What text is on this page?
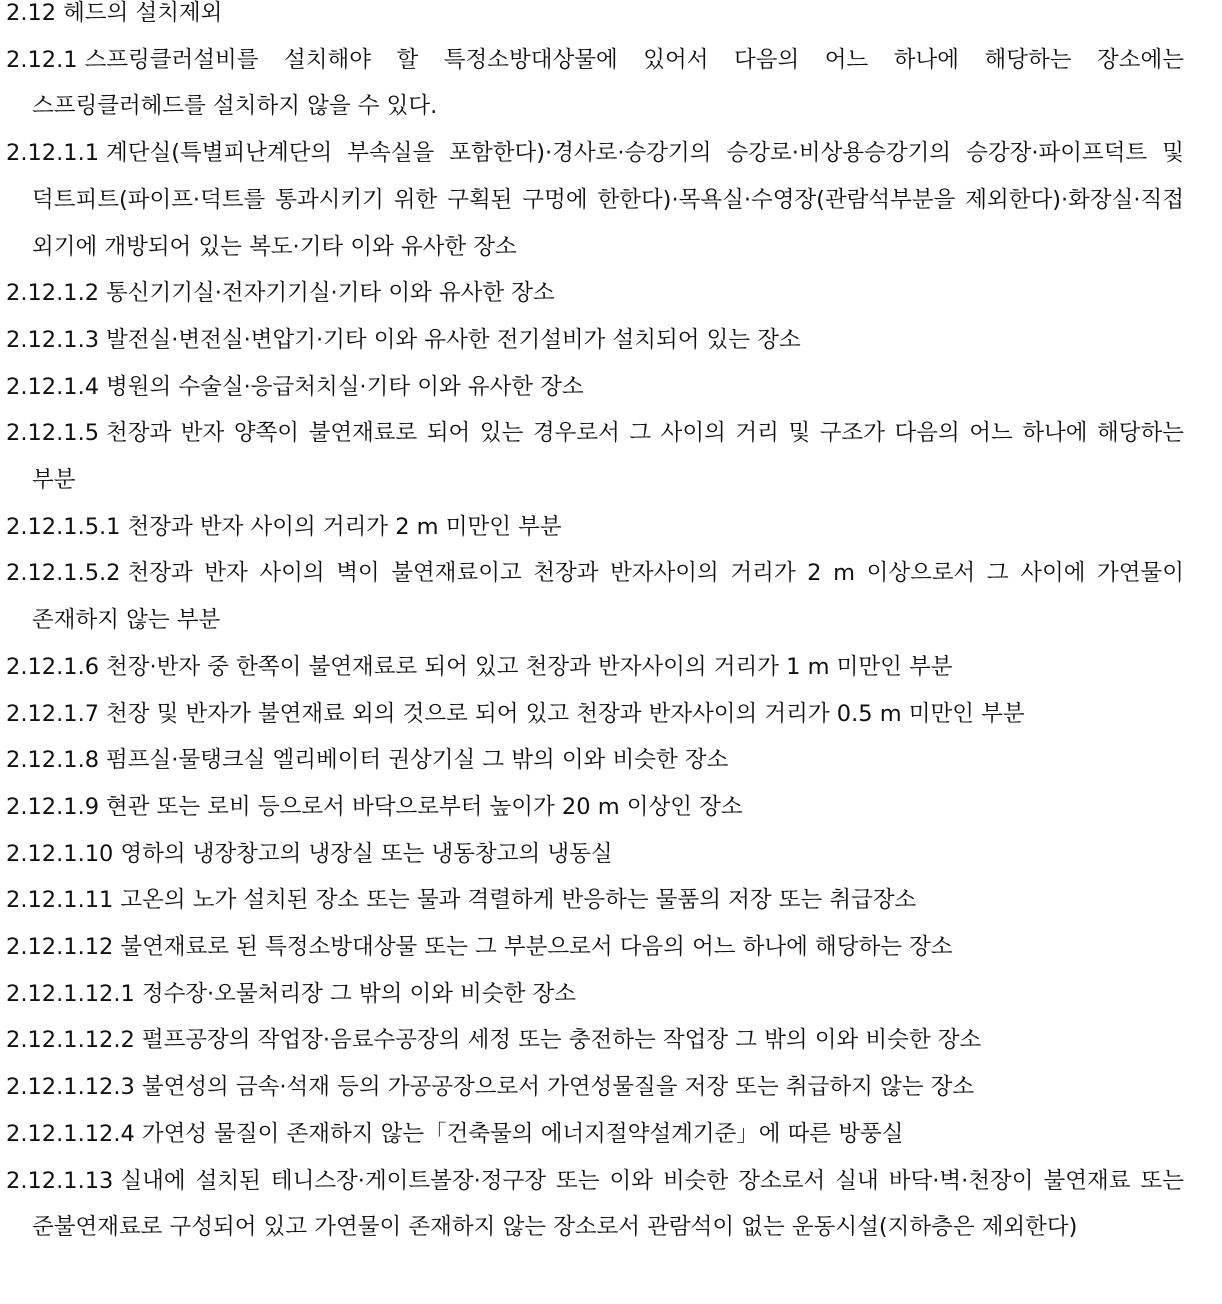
2.12 헤드의 설치제외

2.12.1 스프링클러설비를 설치해야 할 특정소방대상물에 있어서 다음의 어느 하나에 해당하는 장소에는 스프링클러헤드를 설치하지 않을 수 있다.

2.12.1.1 계단실(특별피난계단의 부속실을 포함한다)·경사로·승강기의 승강로·비상용승강기의 승강장·파이프덕트 및 덕트피트(파이프·덕트를 통과시키기 위한 구획된 구멍에 한한다)·목욕실·수영장(관람석부분을 제외한다)·화장실·직접 외기에 개방되어 있는 복도·기타 이와 유사한 장소

2.12.1.2 통신기기실·전자기기실·기타 이와 유사한 장소

2.12.1.3 발전실·변전실·변압기·기타 이와 유사한 전기설비가 설치되어 있는 장소

2.12.1.4 병원의 수술실·응급처치실·기타 이와 유사한 장소

2.12.1.5 천장과 반자 양쪽이 불연재료로 되어 있는 경우로서 그 사이의 거리 및 구조가 다음의 어느 하나에 해당하는 부분

2.12.1.5.1 천장과 반자 사이의 거리가 2 m 미만인 부분

2.12.1.5.2 천장과 반자 사이의 벽이 불연재료이고 천장과 반자사이의 거리가 2 m 이상으로서 그 사이에 가연물이 존재하지 않는 부분

2.12.1.6 천장·반자 중 한쪽이 불연재료로 되어 있고 천장과 반자사이의 거리가 1 m 미만인 부분

2.12.1.7 천장 및 반자가 불연재료 외의 것으로 되어 있고 천장과 반자사이의 거리가 0.5 m 미만인 부분

2.12.1.8 펌프실·물탱크실 엘리베이터 권상기실 그 밖의 이와 비슷한 장소

2.12.1.9 현관 또는 로비 등으로서 바닥으로부터 높이가 20 m 이상인 장소

2.12.1.10 영하의 냉장창고의 냉장실 또는 냉동창고의 냉동실

2.12.1.11 고온의 노가 설치된 장소 또는 물과 격렬하게 반응하는 물품의 저장 또는 취급장소

2.12.1.12 불연재료로 된 특정소방대상물 또는 그 부분으로서 다음의 어느 하나에 해당하는 장소

2.12.1.12.1 정수장·오물처리장 그 밖의 이와 비슷한 장소

2.12.1.12.2 펄프공장의 작업장·음료수공장의 세정 또는 충전하는 작업장 그 밖의 이와 비슷한 장소

2.12.1.12.3 불연성의 금속·석재 등의 가공공장으로서 가연성물질을 저장 또는 취급하지 않는 장소

2.12.1.12.4 가연성 물질이 존재하지 않는「건축물의 에너지절약설계기준」에 따른 방풍실

2.12.1.13 실내에 설치된 테니스장·게이트볼장·정구장 또는 이와 비슷한 장소로서 실내 바닥·벽·천장이 불연재료 또는 준불연재료로 구성되어 있고 가연물이 존재하지 않는 장소로서 관람석이 없는 운동시설(지하층은 제외한다)
